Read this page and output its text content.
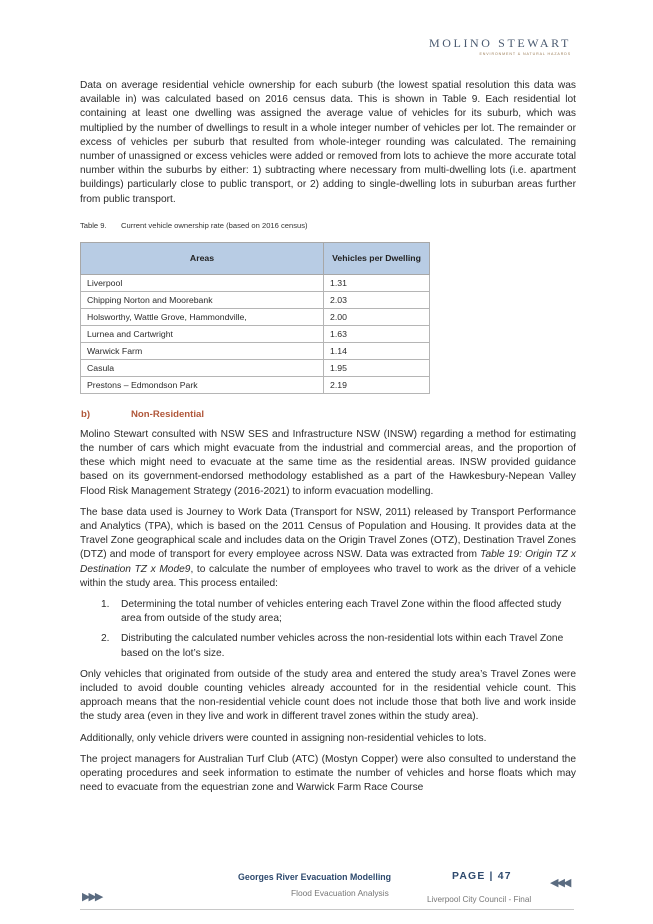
MOLINO STEWART
ENVIRONMENT & NATURAL HAZARDS

Data on average residential vehicle ownership for each suburb (the lowest spatial resolution this data was available in) was calculated based on 2016 census data. This is shown in Table 9. Each residential lot containing at least one dwelling was assigned the average value of vehicles for its suburb, which was multiplied by the number of dwellings to result in a whole integer number of vehicles per lot. The remainder or excess of vehicles per suburb that resulted from whole-integer rounding was calculated. The remaining number of unassigned or excess vehicles were added or removed from lots to achieve the more accurate total number within the suburbs by either: 1) subtracting where necessary from multi-dwelling lots (i.e. apartment buildings) particularly close to public transport, or 2) adding to single-dwelling lots in suburban areas further from public transport.

Table 9. Current vehicle ownership rate (based on 2016 census)
Areas	Vehicles per Dwelling
Liverpool	1.31
Chipping Norton and Moorebank	2.03
Holsworthy, Wattle Grove, Hammondville,	2.00
Lurnea and Cartwright	1.63
Warwick Farm	1.14
Casula	1.95
Prestons – Edmondson Park	2.19
b)	Non-Residential

Molino Stewart consulted with NSW SES and Infrastructure NSW (INSW) regarding a method for estimating the number of cars which might evacuate from the industrial and commercial areas, and the proportion of these which might need to evacuate at the same time as the residential areas. INSW provided guidance based on its government-endorsed methodology established as a part of the Hawkesbury-Nepean Valley Flood Risk Management Strategy (2016-2021) to inform evacuation modelling.

The base data used is Journey to Work Data (Transport for NSW, 2011) released by Transport Performance and Analytics (TPA), which is based on the 2011 Census of Population and Housing. It provides data at the Travel Zone geographical scale and includes data on the Origin Travel Zones (OTZ), Destination Travel Zones (DTZ) and mode of transport for every employee across NSW. Data was extracted from Table 19: Origin TZ x Destination TZ x Mode9, to calculate the number of employees who travel to work as the driver of a vehicle within the study area. This process entailed:

1. Determining the total number of vehicles entering each Travel Zone within the flood affected study area from outside of the study area;
2. Distributing the calculated number vehicles across the non-residential lots within each Travel Zone based on the lot’s size.

Only vehicles that originated from outside of the study area and entered the study area’s Travel Zones were included to avoid double counting vehicles already accounted for in the residential vehicle count. This approach means that the non-residential vehicle count does not include those that both live and work inside the study area (even in they live and work in different travel zones within the study area).

Additionally, only vehicle drivers were counted in assigning non-residential vehicles to lots.

The project managers for Australian Turf Club (ATC) (Mostyn Copper) were also consulted to understand the operating procedures and seek information to estimate the number of vehicles and horse floats which may need to evacuate from the equestrian zone and Warwick Farm Race Course

Georges River Evacuation Modelling	PAGE | 47
◀◀◀
Flood Evacuation Analysis
▶▶▶	Liverpool City Council - Final
